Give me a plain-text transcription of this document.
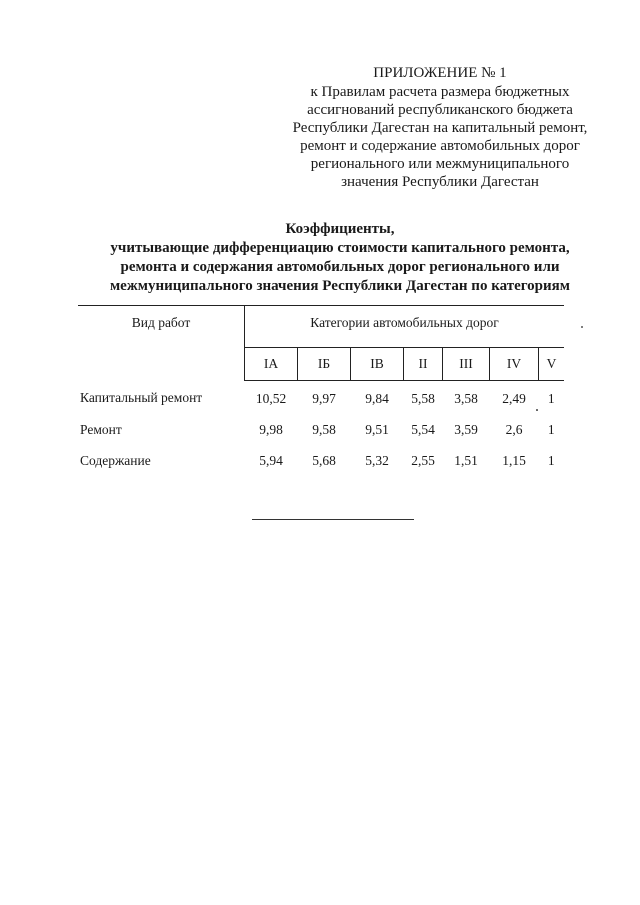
ПРИЛОЖЕНИЕ № 1
к Правилам расчета размера бюджетных
ассигнований республиканского бюджета
Республики Дагестан на капитальный ремонт,
ремонт и содержание автомобильных дорог
регионального или межмуниципального
значения Республики Дагестан
Коэффициенты,
учитывающие дифференциацию стоимости капитального ремонта,
ремонта и содержания автомобильных дорог регионального или
межмуниципального значения Республики Дагестан по категориям
Вид работ	Категории автомобильных дорог						
	IA	IБ	IB	II	III	IV	V
Капитальный ремонт	10,52	9,97	9,84	5,58	3,58	2,49	1
Ремонт	9,98	9,58	9,51	5,54	3,59	2,6	1
Содержание	5,94	5,68	5,32	2,55	1,51	1,15	1
